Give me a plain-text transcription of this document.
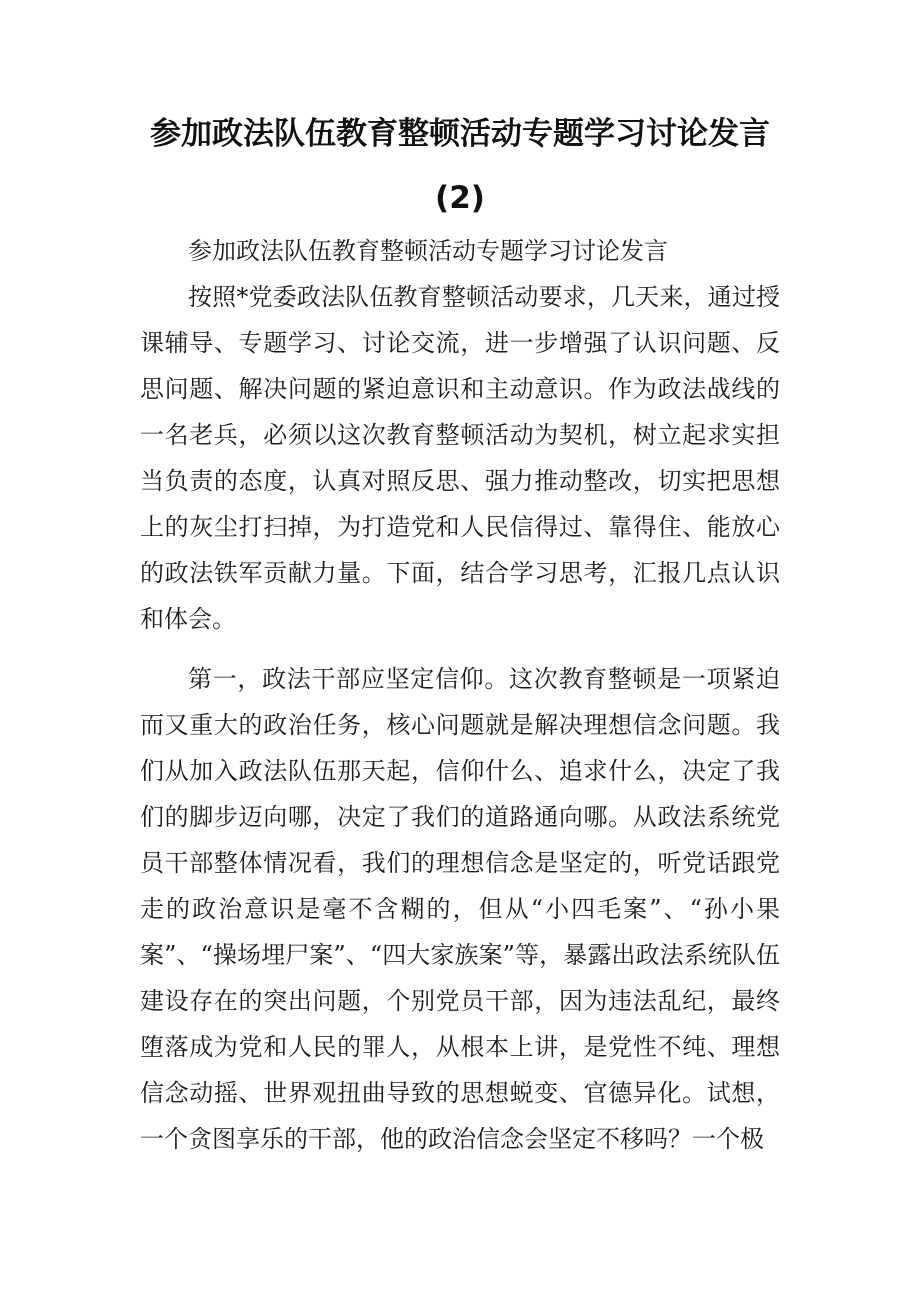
参加政法队伍教育整顿活动专题学习讨论发言 (2)

参加政法队伍教育整顿活动专题学习讨论发言

按照*党委政法队伍教育整顿活动要求，几天来，通过授课辅导、专题学习、讨论交流，进一步增强了认识问题、反思问题、解决问题的紧迫意识和主动意识。作为政法战线的一名老兵，必须以这次教育整顿活动为契机，树立起求实担当负责的态度，认真对照反思、强力推动整改，切实把思想上的灰尘打扫掉，为打造党和人民信得过、靠得住、能放心的政法铁军贡献力量。下面，结合学习思考，汇报几点认识和体会。

第一，政法干部应坚定信仰。这次教育整顿是一项紧迫而又重大的政治任务，核心问题就是解决理想信念问题。我们从加入政法队伍那天起，信仰什么、追求什么，决定了我们的脚步迈向哪，决定了我们的道路通向哪。从政法系统党员干部整体情况看，我们的理想信念是坚定的，听党话跟党走的政治意识是毫不含糊的，但从“小四毛案”、“孙小果案”、“操场埋尸案”、“四大家族案”等，暴露出政法系统队伍建设存在的突出问题，个别党员干部，因为违法乱纪，最终堕落成为党和人民的罪人，从根本上讲，是党性不纯、理想信念动摇、世界观扭曲导致的思想蜕变、官德异化。试想，一个贪图享乐的干部，他的政治信念会坚定不移吗？一个极
